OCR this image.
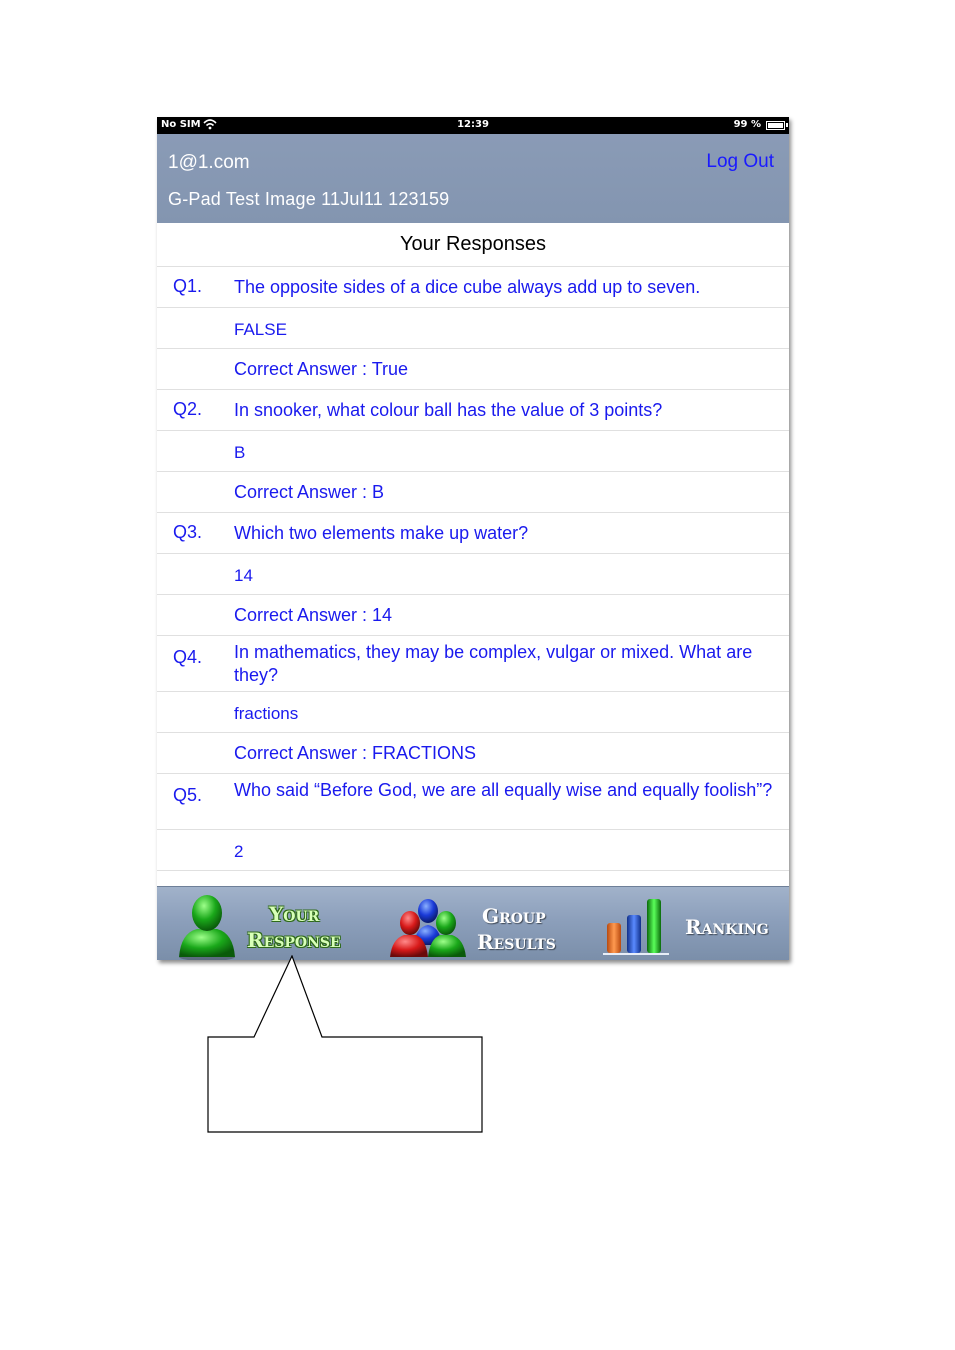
No SIM	12:39	99 %
1@1.com	Log Out
G-Pad Test Image 11Jul11 123159
Your Responses
Q1. The opposite sides of a dice cube always add up to seven.
FALSE
Correct Answer : True
Q2. In snooker, what colour ball has the value of 3 points?
B
Correct Answer : B
Q3. Which two elements make up water?
14
Correct Answer : 14
Q4. In mathematics, they may be complex, vulgar or mixed. What are they?
fractions
Correct Answer : FRACTIONS
Q5. Who said “Before God, we are all equally wise and equally foolish”?
2
Your
Response
Group
Results
Ranking
